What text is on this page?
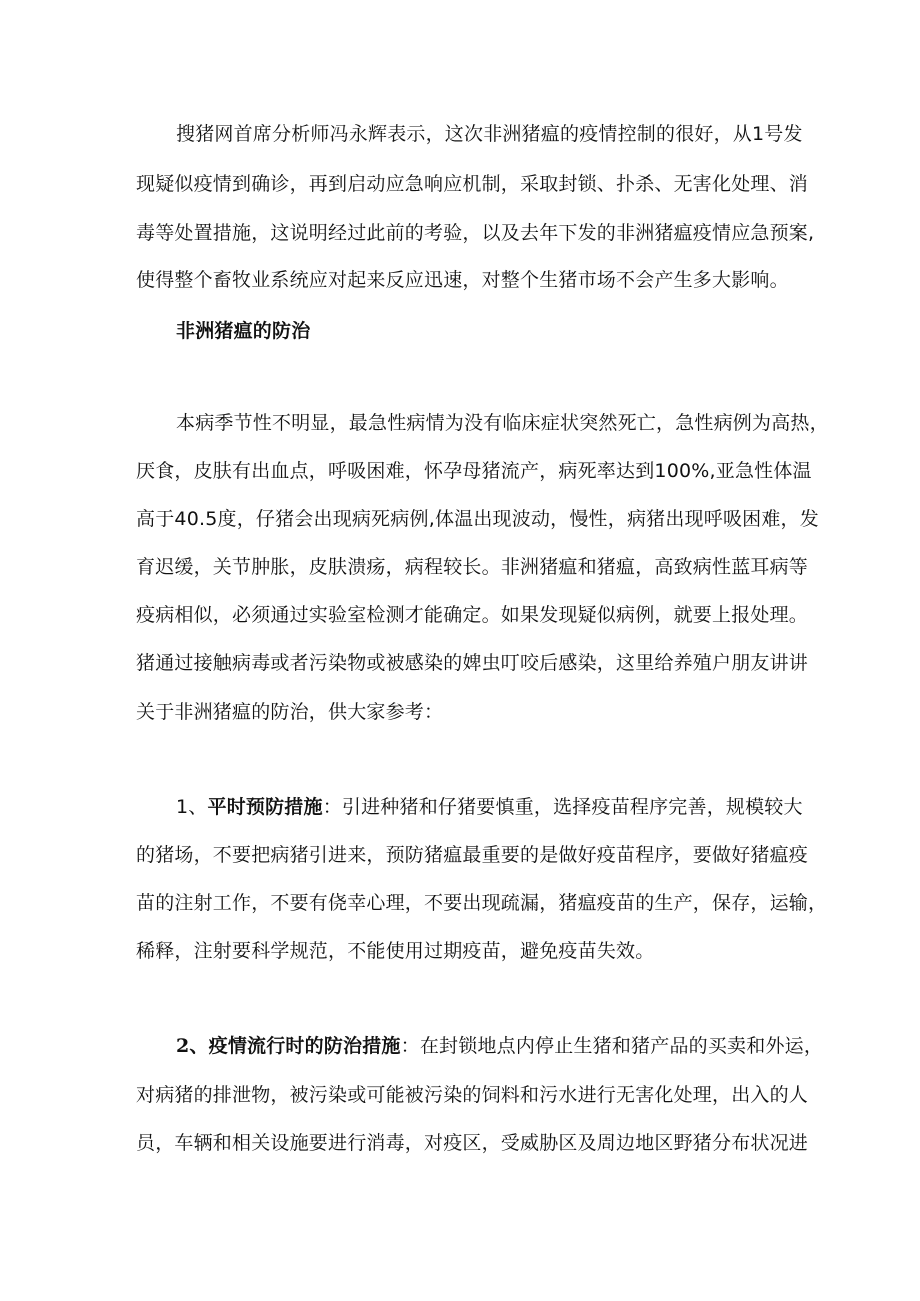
搜猪网首席分析师冯永辉表示，这次非洲猪瘟的疫情控制的很好，从1号发
现疑似疫情到确诊，再到启动应急响应机制，采取封锁、扑杀、无害化处理、消
毒等处置措施，这说明经过此前的考验，以及去年下发的非洲猪瘟疫情应急预案,
使得整个畜牧业系统应对起来反应迅速，对整个生猪市场不会产生多大影响。
非洲猪瘟的防治
本病季节性不明显，最急性病情为没有临床症状突然死亡，急性病例为高热，
厌食，皮肤有出血点，呼吸困难，怀孕母猪流产，病死率达到100%,亚急性体温
高于40.5度，仔猪会出现病死病例,体温出现波动，慢性，病猪出现呼吸困难，发
育迟缓，关节肿胀，皮肤溃疡，病程较长。非洲猪瘟和猪瘟，高致病性蓝耳病等
疫病相似，必须通过实验室检测才能确定。如果发现疑似病例，就要上报处理。
猪通过接触病毒或者污染物或被感染的婢虫叮咬后感染，这里给养殖户朋友讲讲
关于非洲猪瘟的防治，供大家参考：
1、平时预防措施：引进种猪和仔猪要慎重，选择疫苗程序完善，规模较大
的猪场，不要把病猪引进来，预防猪瘟最重要的是做好疫苗程序，要做好猪瘟疫
苗的注射工作，不要有侥幸心理，不要出现疏漏，猪瘟疫苗的生产，保存，运输，
稀释，注射要科学规范，不能使用过期疫苗，避免疫苗失效。
2、疫情流行时的防治措施：在封锁地点内停止生猪和猪产品的买卖和外运，
对病猪的排泄物，被污染或可能被污染的饲料和污水进行无害化处理，出入的人
员，车辆和相关设施要进行消毒，对疫区，受威胁区及周边地区野猪分布状况进
